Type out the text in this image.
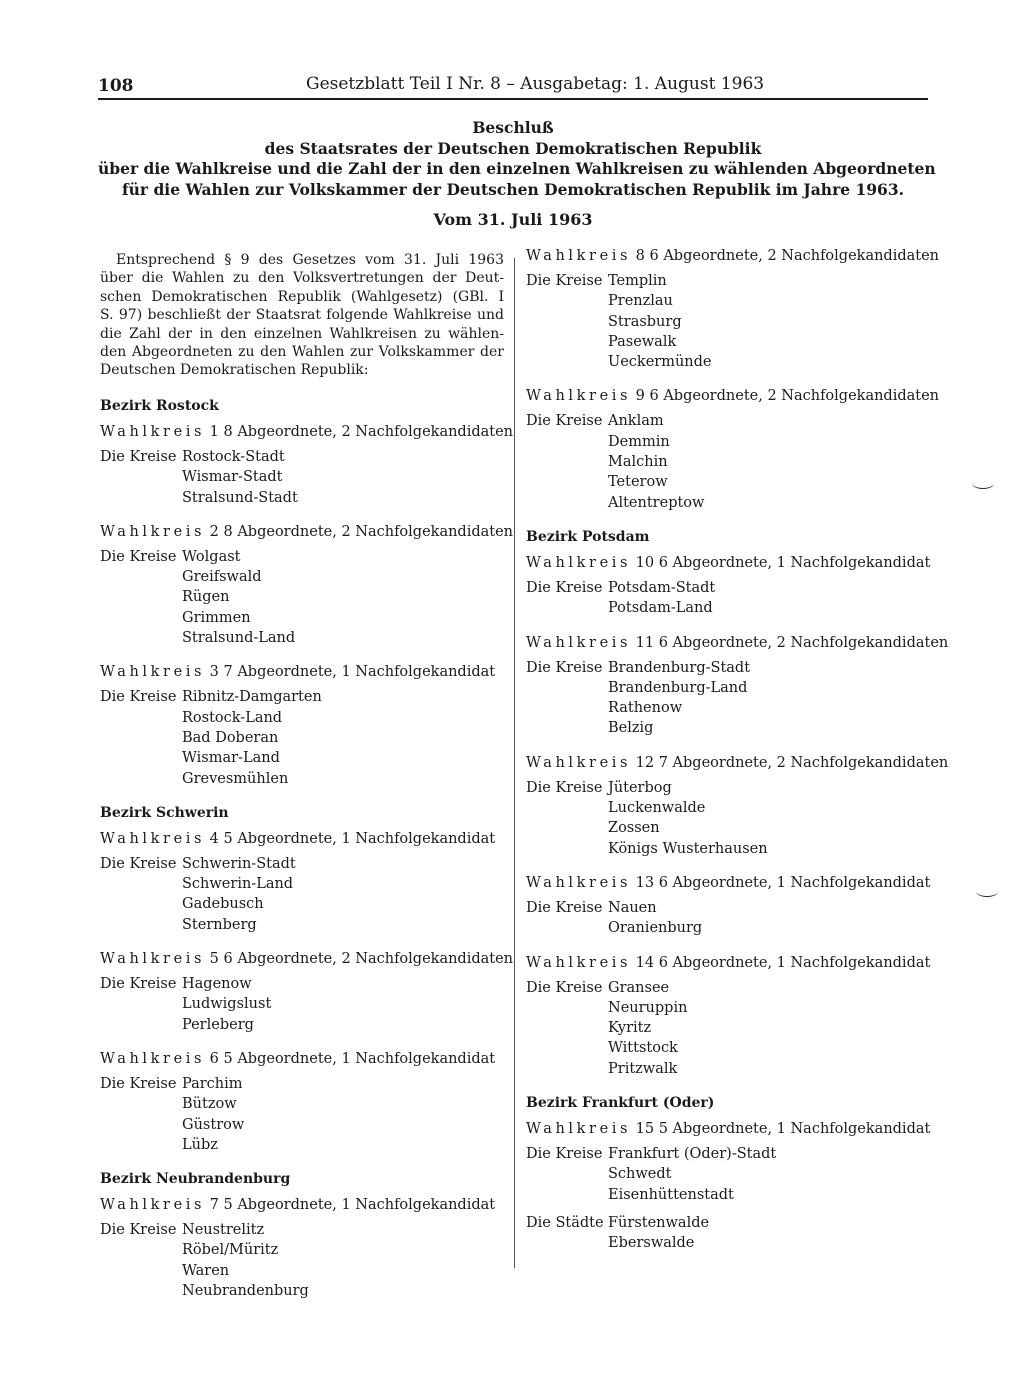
108	Gesetzblatt Teil I Nr. 8 – Ausgabetag: 1. August 1963
Beschluß
des Staatsrates der Deutschen Demokratischen Republik
über die Wahlkreise und die Zahl der in den einzelnen Wahlkreisen zu wählenden Abgeordneten
für die Wahlen zur Volkskammer der Deutschen Demokratischen Republik im Jahre 1963.
Vom 31. Juli 1963
Entsprechend § 9 des Gesetzes vom 31. Juli 1963
über die Wahlen zu den Volksvertretungen der Deut-
schen Demokratischen Republik (Wahlgesetz) (GBl. I
S. 97) beschließt der Staatsrat folgende Wahlkreise und
die Zahl der in den einzelnen Wahlkreisen zu wählen-
den Abgeordneten zu den Wahlen zur Volkskammer der
Deutschen Demokratischen Republik:
Bezirk Rostock
Wahlkreis 1 8 Abgeordnete, 2 Nachfolgekandidaten
Die Kreise Rostock-Stadt
Wismar-Stadt
Stralsund-Stadt
Wahlkreis 2 8 Abgeordnete, 2 Nachfolgekandidaten
Die Kreise Wolgast
Greifswald
Rügen
Grimmen
Stralsund-Land
Wahlkreis 3 7 Abgeordnete, 1 Nachfolgekandidat
Die Kreise Ribnitz-Damgarten
Rostock-Land
Bad Doberan
Wismar-Land
Grevesmühlen
Bezirk Schwerin
Wahlkreis 4 5 Abgeordnete, 1 Nachfolgekandidat
Die Kreise Schwerin-Stadt
Schwerin-Land
Gadebusch
Sternberg
Wahlkreis 5 6 Abgeordnete, 2 Nachfolgekandidaten
Die Kreise Hagenow
Ludwigslust
Perleberg
Wahlkreis 6 5 Abgeordnete, 1 Nachfolgekandidat
Die Kreise Parchim
Bützow
Güstrow
Lübz
Bezirk Neubrandenburg
Wahlkreis 7 5 Abgeordnete, 1 Nachfolgekandidat
Die Kreise Neustrelitz
Röbel/Müritz
Waren
Neubrandenburg
Wahlkreis 8 6 Abgeordnete, 2 Nachfolgekandidaten
Die Kreise Templin
Prenzlau
Strasburg
Pasewalk
Ueckermünde
Wahlkreis 9 6 Abgeordnete, 2 Nachfolgekandidaten
Die Kreise Anklam
Demmin
Malchin
Teterow
Altentreptow
Bezirk Potsdam
Wahlkreis 10 6 Abgeordnete, 1 Nachfolgekandidat
Die Kreise Potsdam-Stadt
Potsdam-Land
Wahlkreis 11 6 Abgeordnete, 2 Nachfolgekandidaten
Die Kreise Brandenburg-Stadt
Brandenburg-Land
Rathenow
Belzig
Wahlkreis 12 7 Abgeordnete, 2 Nachfolgekandidaten
Die Kreise Jüterbog
Luckenwalde
Zossen
Königs Wusterhausen
Wahlkreis 13 6 Abgeordnete, 1 Nachfolgekandidat
Die Kreise Nauen
Oranienburg
Wahlkreis 14 6 Abgeordnete, 1 Nachfolgekandidat
Die Kreise Gransee
Neuruppin
Kyritz
Wittstock
Pritzwalk
Bezirk Frankfurt (Oder)
Wahlkreis 15 5 Abgeordnete, 1 Nachfolgekandidat
Die Kreise Frankfurt (Oder)-Stadt
Schwedt
Eisenhüttenstadt
Die Städte Fürstenwalde
Eberswalde
